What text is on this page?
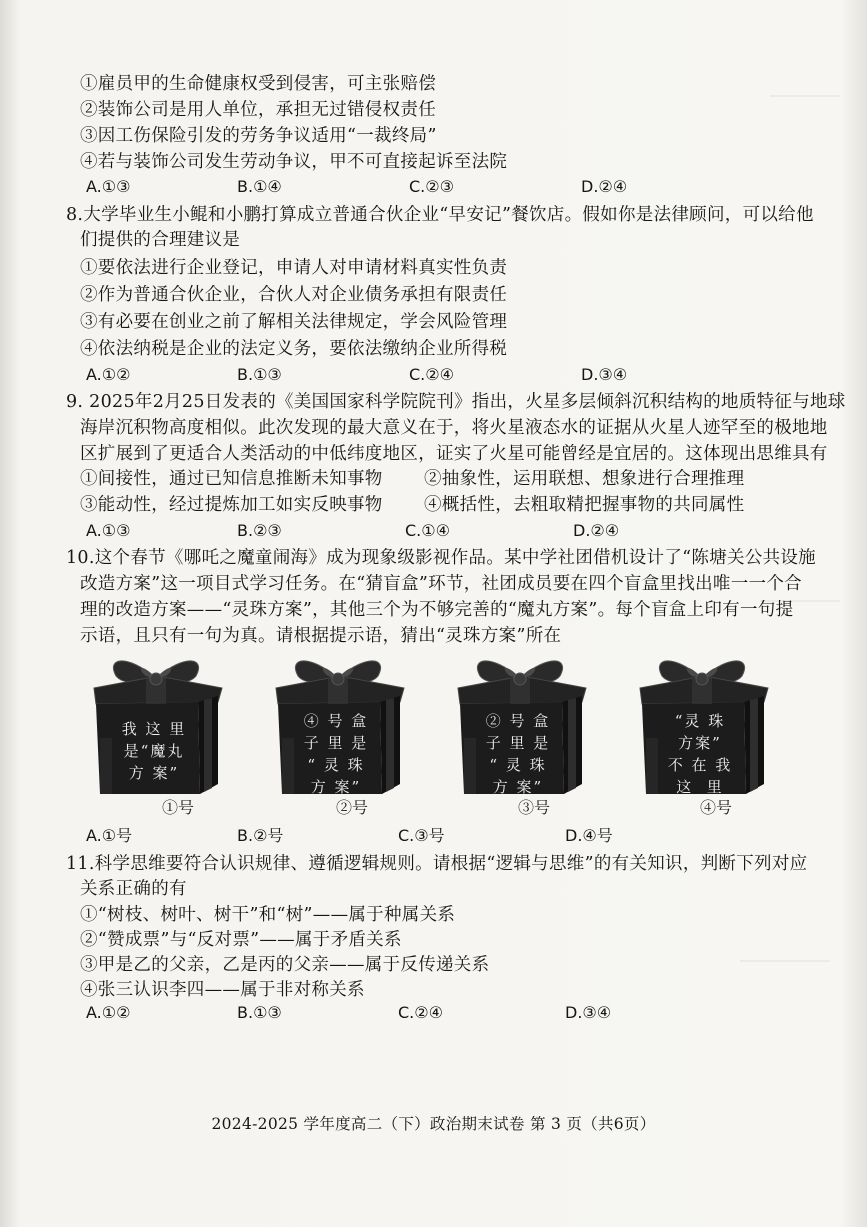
①雇员甲的生命健康权受到侵害，可主张赔偿
②装饰公司是用人单位，承担无过错侵权责任
③因工伤保险引发的劳务争议适用“一裁终局”
④若与装饰公司发生劳动争议，甲不可直接起诉至法院
A.①③	B.①④	C.②③	D.②④
8.大学毕业生小鲲和小鹏打算成立普通合伙企业“早安记”餐饮店。假如你是法律顾问，可以给他
们提供的合理建议是
①要依法进行企业登记，申请人对申请材料真实性负责
②作为普通合伙企业，合伙人对企业债务承担有限责任
③有必要在创业之前了解相关法律规定，学会风险管理
④依法纳税是企业的法定义务，要依法缴纳企业所得税
A.①②	B.①③	C.②④	D.③④
9. 2025年2月25日发表的《美国国家科学院院刊》指出，火星多层倾斜沉积结构的地质特征与地球
海岸沉积物高度相似。此次发现的最大意义在于，将火星液态水的证据从火星人迹罕至的极地地
区扩展到了更适合人类活动的中低纬度地区，证实了火星可能曾经是宜居的。这体现出思维具有
①间接性，通过已知信息推断未知事物 ②抽象性，运用联想、想象进行合理推理
③能动性，经过提炼加工如实反映事物 ④概括性，去粗取精把握事物的共同属性
A.①③	B.②③	C.①④	D.②④
10.这个春节《哪吒之魔童闹海》成为现象级影视作品。某中学社团借机设计了“陈塘关公共设施
改造方案”这一项目式学习任务。在“猜盲盒”环节，社团成员要在四个盲盒里找出唯一一个合
理的改造方案——“灵珠方案”，其他三个为不够完善的“魔丸方案”。每个盲盒上印有一句提
示语，且只有一句为真。请根据提示语，猜出“灵珠方案”所在
我 这 里
是“魔丸
方 案”
①号
④ 号 盒
子 里 是
“ 灵 珠
方 案”
②号
② 号 盒
子 里 是
“ 灵 珠
方 案”
③号
“灵 珠
方案”
不 在 我
这  里
④号
A.①号	B.②号	C.③号	D.④号
11.科学思维要符合认识规律、遵循逻辑规则。请根据“逻辑与思维”的有关知识，判断下列对应
关系正确的有
①“树枝、树叶、树干”和“树”——属于种属关系
②“赞成票”与“反对票”——属于矛盾关系
③甲是乙的父亲，乙是丙的父亲——属于反传递关系
④张三认识李四——属于非对称关系
A.①②	B.①③	C.②④	D.③④
2024-2025 学年度高二（下）政治期末试卷 第 3 页（共6页）
